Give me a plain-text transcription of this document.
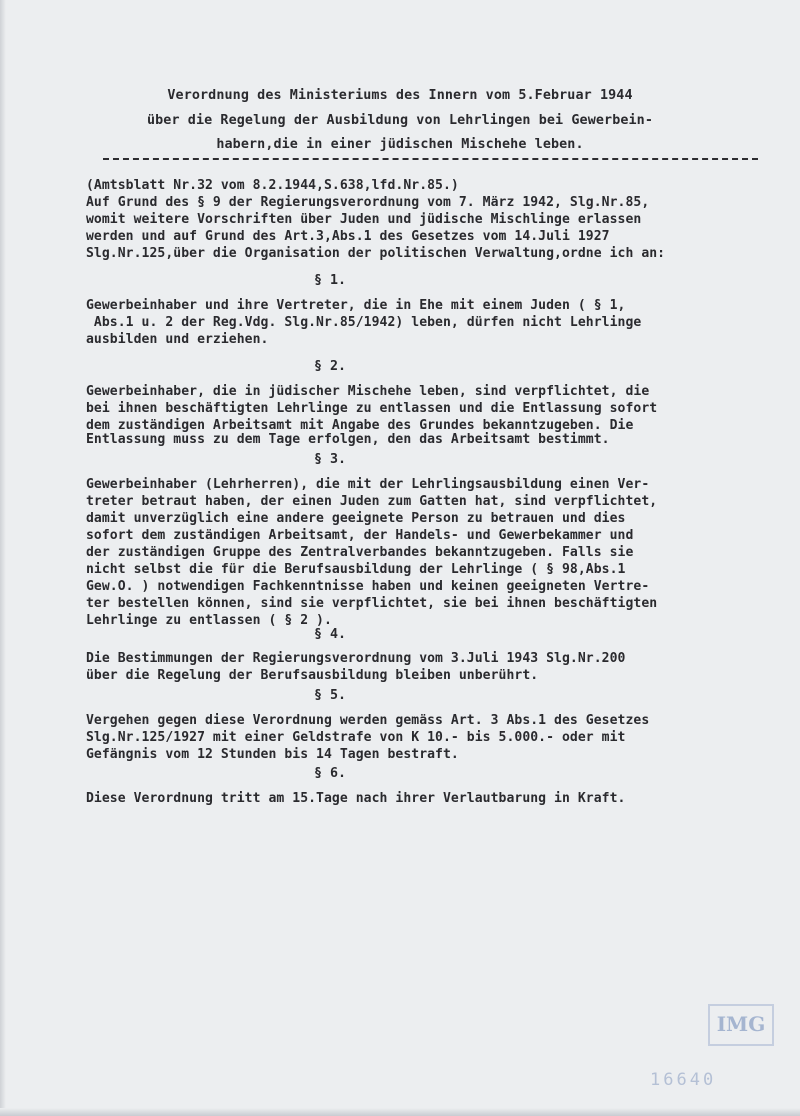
Verordnung des Ministeriums des Innern vom 5.Februar 1944
über die Regelung der Ausbildung von Lehrlingen bei Gewerbein-
habern,die in einer jüdischen Mischehe leben.
(Amtsblatt Nr.32 vom 8.2.1944,S.638,lfd.Nr.85.)
Auf Grund des § 9 der Regierungsverordnung vom 7. März 1942, Slg.Nr.85,
womit weitere Vorschriften über Juden und jüdische Mischlinge erlassen
werden und auf Grund des Art.3,Abs.1 des Gesetzes vom 14.Juli 1927
Slg.Nr.125,über die Organisation der politischen Verwaltung,ordne ich an:
§ 1.
Gewerbeinhaber und ihre Vertreter, die in Ehe mit einem Juden ( § 1,
Abs.1 u. 2 der Reg.Vdg. Slg.Nr.85/1942) leben, dürfen nicht Lehrlinge
ausbilden und erziehen.
§ 2.
Gewerbeinhaber, die in jüdischer Mischehe leben, sind verpflichtet, die
bei ihnen beschäftigten Lehrlinge zu entlassen und die Entlassung sofort
dem zuständigen Arbeitsamt mit Angabe des Grundes bekanntzugeben. Die
Entlassung muss zu dem Tage erfolgen, den das Arbeitsamt bestimmt.
§ 3.
Gewerbeinhaber (Lehrherren), die mit der Lehrlingsausbildung einen Ver-
treter betraut haben, der einen Juden zum Gatten hat, sind verpflichtet,
damit unverzüglich eine andere geeignete Person zu betrauen und dies
sofort dem zuständigen Arbeitsamt, der Handels- und Gewerbekammer und
der zuständigen Gruppe des Zentralverbandes bekanntzugeben. Falls sie
nicht selbst die für die Berufsausbildung der Lehrlinge ( § 98,Abs.1
Gew.O. ) notwendigen Fachkenntnisse haben und keinen geeigneten Vertre-
ter bestellen können, sind sie verpflichtet, sie bei ihnen beschäftigten
Lehrlinge zu entlassen ( § 2 ).
§ 4.
Die Bestimmungen der Regierungsverordnung vom 3.Juli 1943 Slg.Nr.200
über die Regelung der Berufsausbildung bleiben unberührt.
§ 5.
Vergehen gegen diese Verordnung werden gemäss Art. 3 Abs.1 des Gesetzes
Slg.Nr.125/1927 mit einer Geldstrafe von K 10.- bis 5.000.- oder mit
Gefängnis vom 12 Stunden bis 14 Tagen bestraft.
§ 6.
Diese Verordnung tritt am 15.Tage nach ihrer Verlautbarung in Kraft.
IMG
16640
